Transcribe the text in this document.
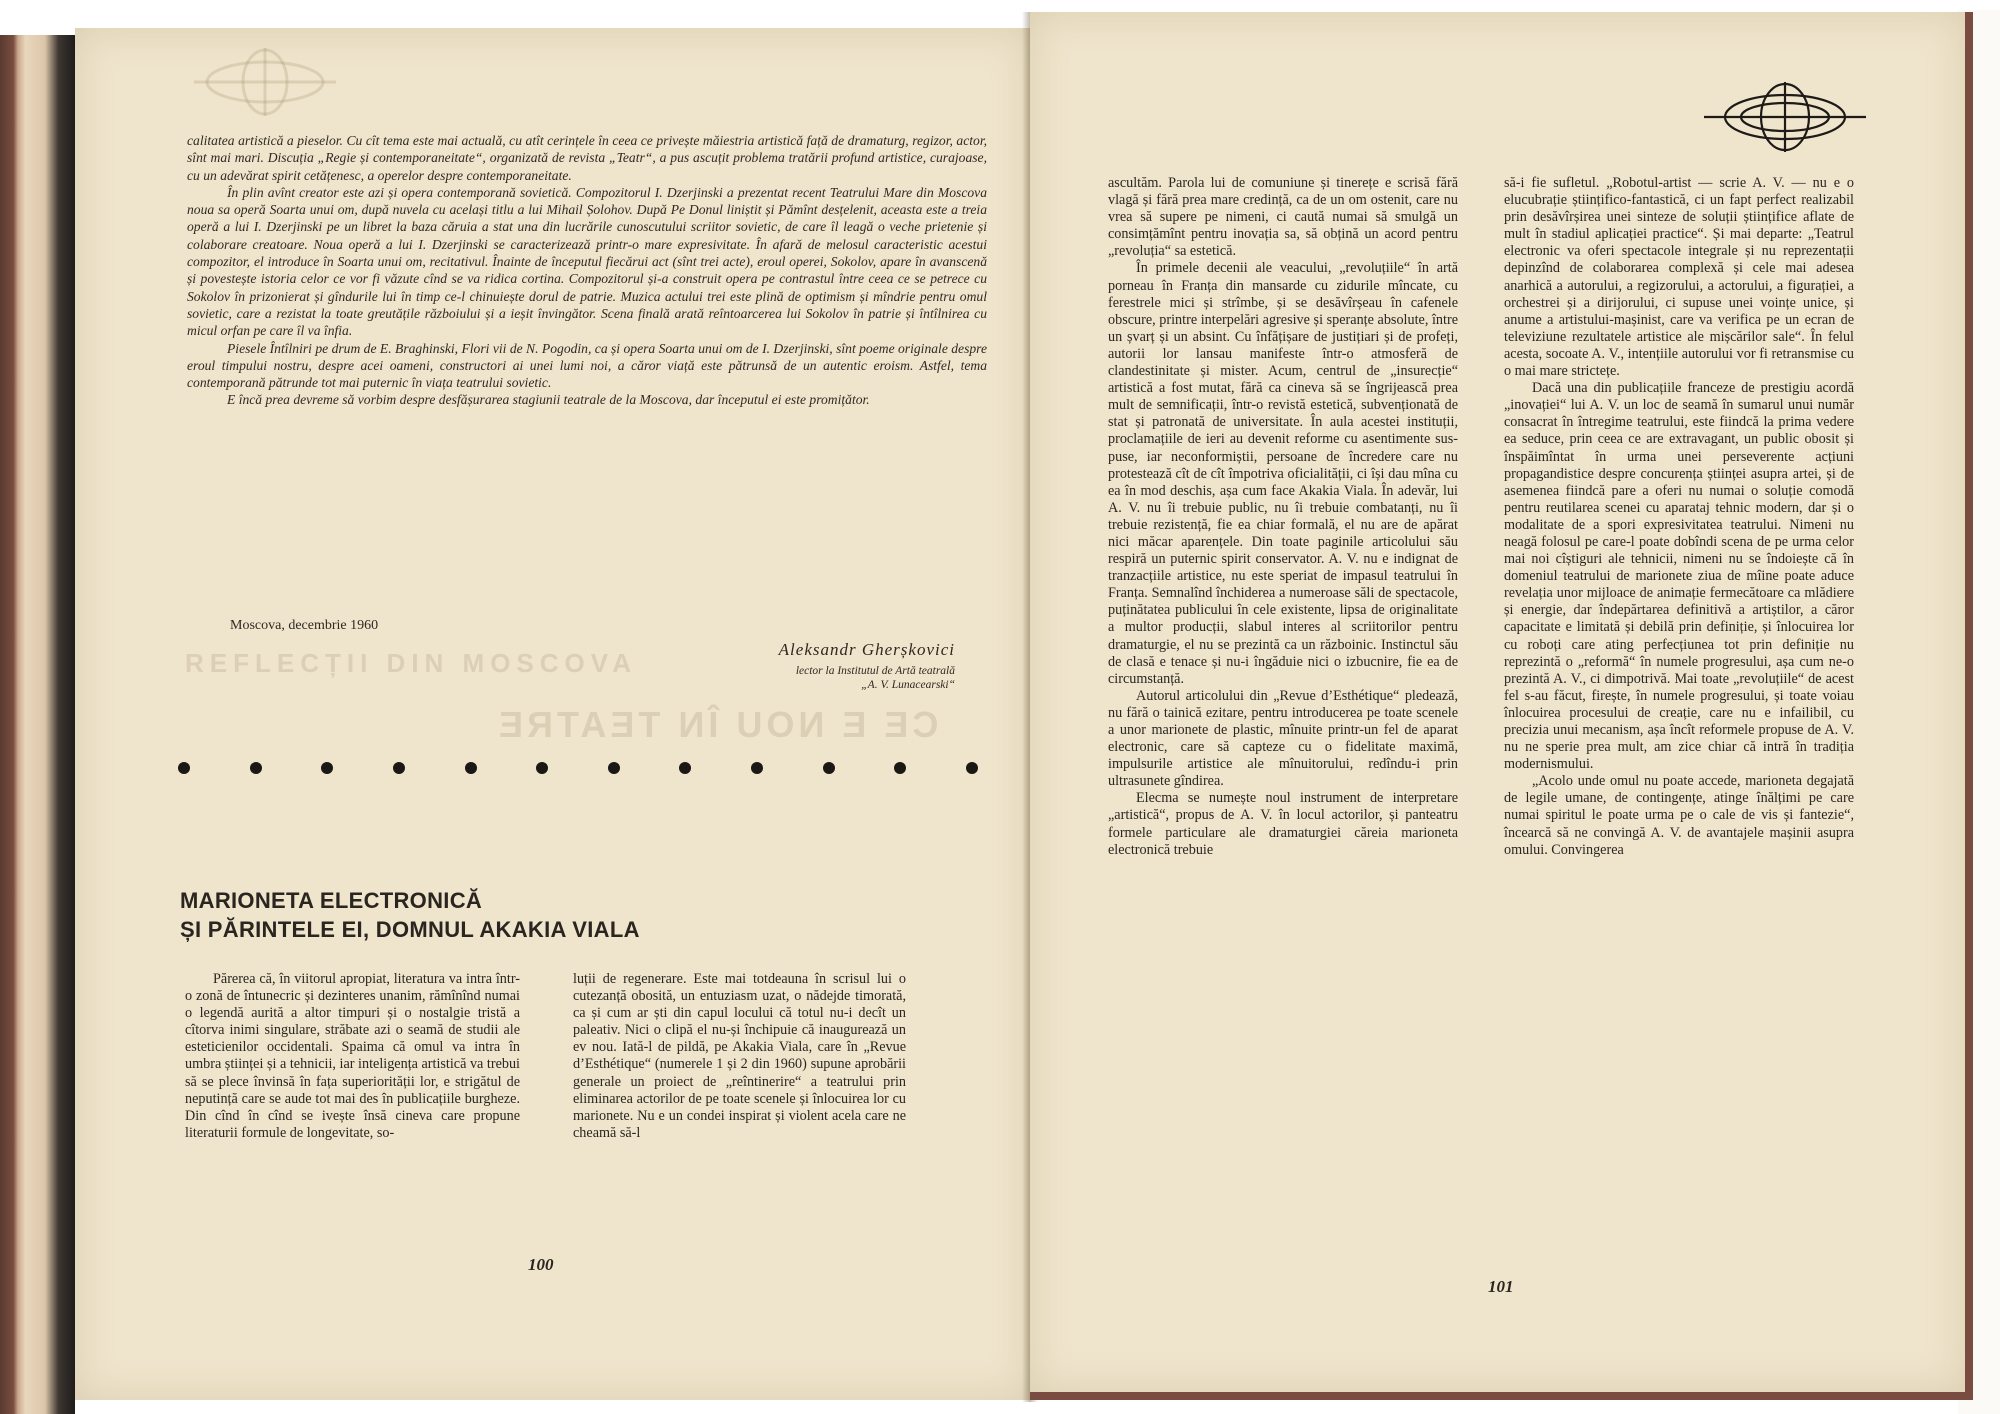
calitatea artistică a pieselor. Cu cît tema este mai actuală, cu atît cerințele în ceea ce privește măiestria artistică față de dramaturg, regizor, actor, sînt mai mari. Discuția „Regie și contemporaneitate“, organizată de revista „Teatr“, a pus ascuțit problema tratării profund artistice, curajoase, cu un adevărat spirit cetățenesc, a operelor despre contemporaneitate.

În plin avînt creator este azi și opera contemporană sovietică. Compozitorul I. Dzerjinski a prezentat recent Teatrului Mare din Moscova noua sa operă Soarta unui om, după nuvela cu același titlu a lui Mihail Șolohov. După Pe Donul liniștit și Pămînt desțelenit, aceasta este a treia operă a lui I. Dzerjinski pe un libret la baza căruia a stat una din lucrările cunoscutului scriitor sovietic, de care îl leagă o veche prietenie și colaborare creatoare. Noua operă a lui I. Dzerjinski se caracterizează printr-o mare expresivitate. În afară de melosul caracteristic acestui compozitor, el introduce în Soarta unui om, recitativul. Înainte de începutul fiecărui act (sînt trei acte), eroul operei, Sokolov, apare în avanscenă și povestește istoria celor ce vor fi văzute cînd se va ridica cortina. Compozitorul și-a construit opera pe contrastul între ceea ce se petrece cu Sokolov în prizonierat și gîndurile lui în timp ce-l chinuiește dorul de patrie. Muzica actului trei este plină de optimism și mîndrie pentru omul sovietic, care a rezistat la toate greutățile războiului și a ieșit învingător. Scena finală arată reîntoarcerea lui Sokolov în patrie și întîlnirea cu micul orfan pe care îl va înfia.

Piesele Întîlniri pe drum de E. Braghinski, Flori vii de N. Pogodin, ca și opera Soarta unui om de I. Dzerjinski, sînt poeme originale despre eroul timpului nostru, despre acei oameni, constructori ai unei lumi noi, a căror viață este pătrunsă de un autentic eroism. Astfel, tema contemporană pătrunde tot mai puternic în viața teatrului sovietic.

E încă prea devreme să vorbim despre desfășurarea stagiunii teatrale de la Moscova, dar începutul ei este promițător.

Moscova, decembrie 1960
Aleksandr Gherșkovici
lector la Institutul de Artă teatrală
„A. V. Lunacearski“
REFLECȚII DIN MOSCOVA
CE E NOU ÎN TEATRE
MARIONETA ELECTRONICĂ
ȘI PĂRINTELE EI, DOMNUL AKAKIA VIALA

Părerea că, în viitorul apropiat, literatura va intra într-o zonă de întunecric și dezinteres unanim, rămînînd numai o legendă aurită a altor timpuri și o nostalgie tristă a cîtorva inimi singulare, străbate azi o seamă de studii ale esteticienilor occidentali. Spaima că omul va intra în umbra științei și a tehnicii, iar inteligența artistică va trebui să se plece învinsă în fața superiorității lor, e strigătul de neputință care se aude tot mai des în publicațiile burgheze. Din cînd în cînd se ivește însă cineva care propune literaturii formule de longevitate, so-

luții de regenerare. Este mai totdeauna în scrisul lui o cutezanță obosită, un entuziasm uzat, o nădejde timorată, ca și cum ar ști din capul locului că totul nu-i decît un paleativ. Nici o clipă el nu-și închipuie că inaugurează un ev nou. Iată-l de pildă, pe Akakia Viala, care în „Revue d’Esthétique“ (numerele 1 și 2 din 1960) supune aprobării generale un proiect de „reîntinerire“ a teatrului prin eliminarea actorilor de pe toate scenele și înlocuirea lor cu marionete. Nu e un condei inspirat și violent acela care ne cheamă să-l

100

ascultăm. Parola lui de comuniune și tinerețe e scrisă fără vlagă și fără prea mare credință, ca de un om ostenit, care nu vrea să supere pe nimeni, ci caută numai să smulgă un consimțămînt pentru inovația sa, să obțină un acord pentru „revoluția“ sa estetică.

În primele decenii ale veacului, „revoluțiile“ în artă porneau în Franța din mansarde cu zidurile mîncate, cu ferestrele mici și strîmbe, și se desăvîrșeau în cafenele obscure, printre interpelări agresive și speranțe absolute, între un șvarț și un absint. Cu înfățișare de justițiari și de profeți, autorii lor lansau manifeste într-o atmosferă de clandestinitate și mister. Acum, centrul de „insurecție“ artistică a fost mutat, fără ca cineva să se îngrijească prea mult de semnificații, într-o revistă estetică, subvenționată de stat și patronată de universitate. În aula acestei instituții, proclamațiile de ieri au devenit reforme cu asentimente sus-puse, iar neconformiștii, persoane de încredere care nu protestează cît de cît împotriva oficialității, ci își dau mîna cu ea în mod deschis, așa cum face Akakia Viala. În adevăr, lui A. V. nu îi trebuie public, nu îi trebuie combatanți, nu îi trebuie rezistență, fie ea chiar formală, el nu are de apărat nici măcar aparențele. Din toate paginile articolului său respiră un puternic spirit conservator. A. V. nu e indignat de tranzacțiile artistice, nu este speriat de impasul teatrului în Franța. Semnalînd închiderea a numeroase săli de spectacole, puținătatea publicului în cele existente, lipsa de originalitate a multor producții, slabul interes al scriitorilor pentru dramaturgie, el nu se prezintă ca un războinic. Instinctul său de clasă e tenace și nu-i îngăduie nici o izbucnire, fie ea de circumstanță.

Autorul articolului din „Revue d’Esthétique“ pledează, nu fără o tainică ezitare, pentru introducerea pe toate scenele a unor marionete de plastic, mînuite printr-un fel de aparat electronic, care să capteze cu o fidelitate maximă, impulsurile artistice ale mînuitorului, redîndu-i prin ultrasunete gîndirea.

Elecma se numește noul instrument de interpretare „artistică“, propus de A. V. în locul actorilor, și panteatru formele particulare ale dramaturgiei căreia marioneta electronică trebuie

să-i fie sufletul. „Robotul-artist — scrie A. V. — nu e o elucubrație științifico-fantastică, ci un fapt perfect realizabil prin desăvîrșirea unei sinteze de soluții științifice aflate de mult în stadiul aplicației practice“. Și mai departe: „Teatrul electronic va oferi spectacole integrale și nu reprezentații depinzînd de colaborarea complexă și cele mai adesea anarhică a autorului, a regizorului, a actorului, a figurației, a orchestrei și a dirijorului, ci supuse unei voințe unice, și anume a artistului-mașinist, care va verifica pe un ecran de televiziune rezultatele artistice ale mișcărilor sale“. În felul acesta, socoate A. V., intențiile autorului vor fi retransmise cu o mai mare strictețe.

Dacă una din publicațiile franceze de prestigiu acordă „inovației“ lui A. V. un loc de seamă în sumarul unui număr consacrat în întregime teatrului, este fiindcă la prima vedere ea seduce, prin ceea ce are extravagant, un public obosit și înspăimîntat în urma unei perseverente acțiuni propagandistice despre concurența științei asupra artei, și de asemenea fiindcă pare a oferi nu numai o soluție comodă pentru reutilarea scenei cu aparataj tehnic modern, dar și o modalitate de a spori expresivitatea teatrului. Nimeni nu neagă folosul pe care-l poate dobîndi scena de pe urma celor mai noi cîștiguri ale tehnicii, nimeni nu se îndoiește că în domeniul teatrului de marionete ziua de mîine poate aduce revelația unor mijloace de animație fermecătoare ca mlădiere și energie, dar îndepărtarea definitivă a artiștilor, a căror capacitate e limitată și debilă prin definiție, și înlocuirea lor cu roboți care ating perfecțiunea tot prin definiție nu reprezintă o „reformă“ în numele progresului, așa cum ne-o prezintă A. V., ci dimpotrivă. Mai toate „revoluțiile“ de acest fel s-au făcut, firește, în numele progresului, și toate voiau înlocuirea procesului de creație, care nu e infailibil, cu precizia unui mecanism, așa încît reformele propuse de A. V. nu ne sperie prea mult, am zice chiar că intră în tradiția modernismului.

„Acolo unde omul nu poate accede, marioneta degajată de legile umane, de contingențe, atinge înălțimi pe care numai spiritul le poate urma pe o cale de vis și fantezie“, încearcă să ne convingă A. V. de avantajele mașinii asupra omului. Convingerea

101
